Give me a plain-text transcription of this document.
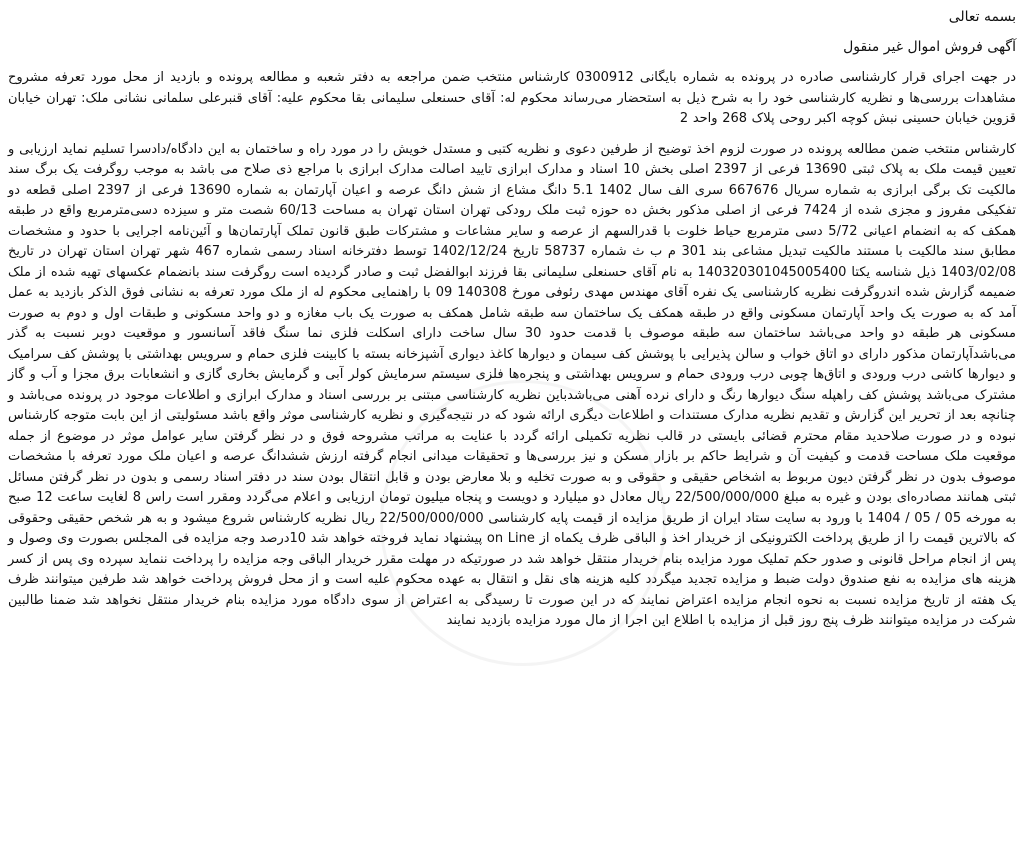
بسمه تعالی

آگهی فروش اموال غیر منقول

در جهت اجرای قرار کارشناسی صادره در پرونده به شماره بایگانی 0300912 کارشناس منتخب ضمن مراجعه به دفتر شعبه و مطالعه پرونده و بازدید از محل مورد تعرفه مشروح مشاهدات بررسی‌ها و نظریه کارشناسی خود را به شرح ذیل به استحضار می‌رساند محکوم له: آقای حسنعلی سلیمانی بقا محکوم علیه: آقای قنبرعلی سلمانی نشانی ملک: تهران خیابان قزوین خیابان حسینی نبش کوچه اکبر روحی پلاک 268 واحد 2

کارشناس منتخب ضمن مطالعه پرونده در صورت لزوم اخذ توضیح از طرفین دعوی و نظریه کتبی و مستدل خویش را در مورد راه و ساختمان به این دادگاه/دادسرا تسلیم نماید ارزیابی و تعیین قیمت ملک به پلاک ثبتی 13690 فرعی از 2397 اصلی بخش 10 اسناد و مدارک ابرازی تایید اصالت مدارک ابرازی با مراجع ذی صلاح می باشد به موجب روگرفت یک برگ سند مالکیت تک برگی ابرازی به شماره سریال 667676 سری الف سال 1402 5.1 دانگ مشاع از شش دانگ عرصه و اعیان آپارتمان به شماره 13690 فرعی از 2397 اصلی قطعه دو تفکیکی مفروز و مجزی شده از 7424 فرعی از اصلی مذکور بخش ده حوزه ثبت ملک رودکی تهران استان تهران به مساحت 60/13 شصت متر و سیزده دسی‌مترمربع واقع در طبقه همکف که به انضمام اعیانی 5/72 دسی مترمربع حیاط خلوت با قدرالسهم از عرصه و سایر مشاعات و مشترکات طبق قانون تملک آپارتمان‌ها و آئین‌نامه اجرایی با حدود و مشخصات مطابق سند مالکیت با مستند مالکیت تبدیل مشاعی بند 301 م ب ث شماره 58737 تاریخ 1402/12/24 توسط دفترخانه اسناد رسمی شماره 467 شهر تهران استان تهران در تاریخ 1403/02/08 ذیل شناسه یکتا 140320301045005400 به نام آقای حسنعلی سلیمانی بقا فرزند ابوالفضل ثبت و صادر گردیده است روگرفت سند بانضمام عکسهای تهیه شده از ملک ضمیمه گزارش شده اندروگرفت نظریه کارشناسی یک نفره آقای مهندس مهدی رئوفی مورخ 140308 09 با راهنمایی محکوم له از ملک مورد تعرفه به نشانی فوق الذکر بازدید به عمل آمد که به صورت یک واحد آپارتمان مسکونی واقع در طبقه همکف یک ساختمان سه طبقه شامل همکف به صورت یک باب مغازه و دو واحد مسکونی و طبقات اول و دوم به صورت مسکونی هر طبقه دو واحد می‌باشد ساختمان سه طبقه موصوف با قدمت حدود 30 سال ساخت دارای اسکلت فلزی نما سنگ فاقد آسانسور و موقعیت دوبر نسبت به گذر می‌باشدآپارتمان مذکور دارای دو اتاق خواب و سالن پذیرایی با پوشش کف سیمان و دیوارها کاغذ دیواری آشپزخانه بسته با کابینت فلزی حمام و سرویس بهداشتی با پوشش کف سرامیک و دیوارها کاشی درب ورودی و اتاق‌ها چوبی درب ورودی حمام و سرویس بهداشتی و پنجره‌ها فلزی سیستم سرمایش کولر آبی و گرمایش بخاری گازی و انشعابات برق مجزا و آب و گاز مشترک می‌باشد پوشش کف راهپله سنگ دیوارها رنگ و دارای نرده آهنی می‌باشدباین نظریه کارشناسی مبتنی بر بررسی اسناد و مدارک ابرازی و اطلاعات موجود در پرونده می‌باشد و چنانچه بعد از تحریر این گزارش و تقدیم نظریه مدارک مستندات و اطلاعات دیگری ارائه شود که در نتیجه‌گیری و نظریه کارشناسی موثر واقع باشد مسئولیتی از این بابت متوجه کارشناس نبوده و در صورت صلاحدید مقام محترم قضائی بایستی در قالب نظریه تکمیلی ارائه گردد با عنایت به مراتب مشروحه فوق و در نظر گرفتن سایر عوامل موثر در موضوع از جمله موقعیت ملک مساحت قدمت و کیفیت آن و شرایط حاکم بر بازار مسکن و نیز بررسی‌ها و تحقیقات میدانی انجام گرفته ارزش ششدانگ عرصه و اعیان ملک مورد تعرفه با مشخصات موصوف بدون در نظر گرفتن دیون مربوط به اشخاص حقیقی و حقوقی و به صورت تخلیه و بلا معارض بودن و قابل انتقال بودن سند در دفتر اسناد رسمی و بدون در نظر گرفتن مسائل ثبتی همانند مصادره‌ای بودن و غیره به مبلغ 22/500/000/000 ریال معادل دو میلیارد و دویست و پنجاه میلیون تومان ارزیابی و اعلام می‌گردد ومقرر است راس 8 لغایت ساعت 12 صبح به مورخه 05 / 05 / 1404 با ورود به سایت ستاد ایران از طریق مزایده از قیمت پایه کارشناسی 22/500/000/000 ریال نظریه کارشناس شروع میشود و به هر شخص حقیقی وحقوقی که بالاترین قیمت را از طریق پرداخت الکترونیکی از خریدار اخذ و الباقی ظرف یکماه از on Line پیشنهاد نماید فروخته خواهد شد 10درصد وجه مزایده فی المجلس بصورت وی وصول و پس از انجام مراحل قانونی و صدور حکم تملیک مورد مزایده بنام خریدار منتقل خواهد شد در صورتیکه در مهلت مقرر خریدار الباقی وجه مزایده را پرداخت ننماید سپرده وی پس از کسر هزینه های مزایده به نفع صندوق دولت ضبط و مزایده تجدید میگردد کلیه هزینه های نقل و انتقال به عهده محکوم علیه است و از محل فروش پرداخت خواهد شد طرفین میتوانند ظرف یک هفته از تاریخ مزایده نسبت به نحوه انجام مزایده اعتراض نمایند که در این صورت تا رسیدگی به اعتراض از سوی دادگاه مورد مزایده بنام خریدار منتقل نخواهد شد ضمنا طالبین شرکت در مزایده میتوانند ظرف پنج روز قبل از مزایده با اطلاع این اجرا از مال مورد مزایده بازدید نمایند
